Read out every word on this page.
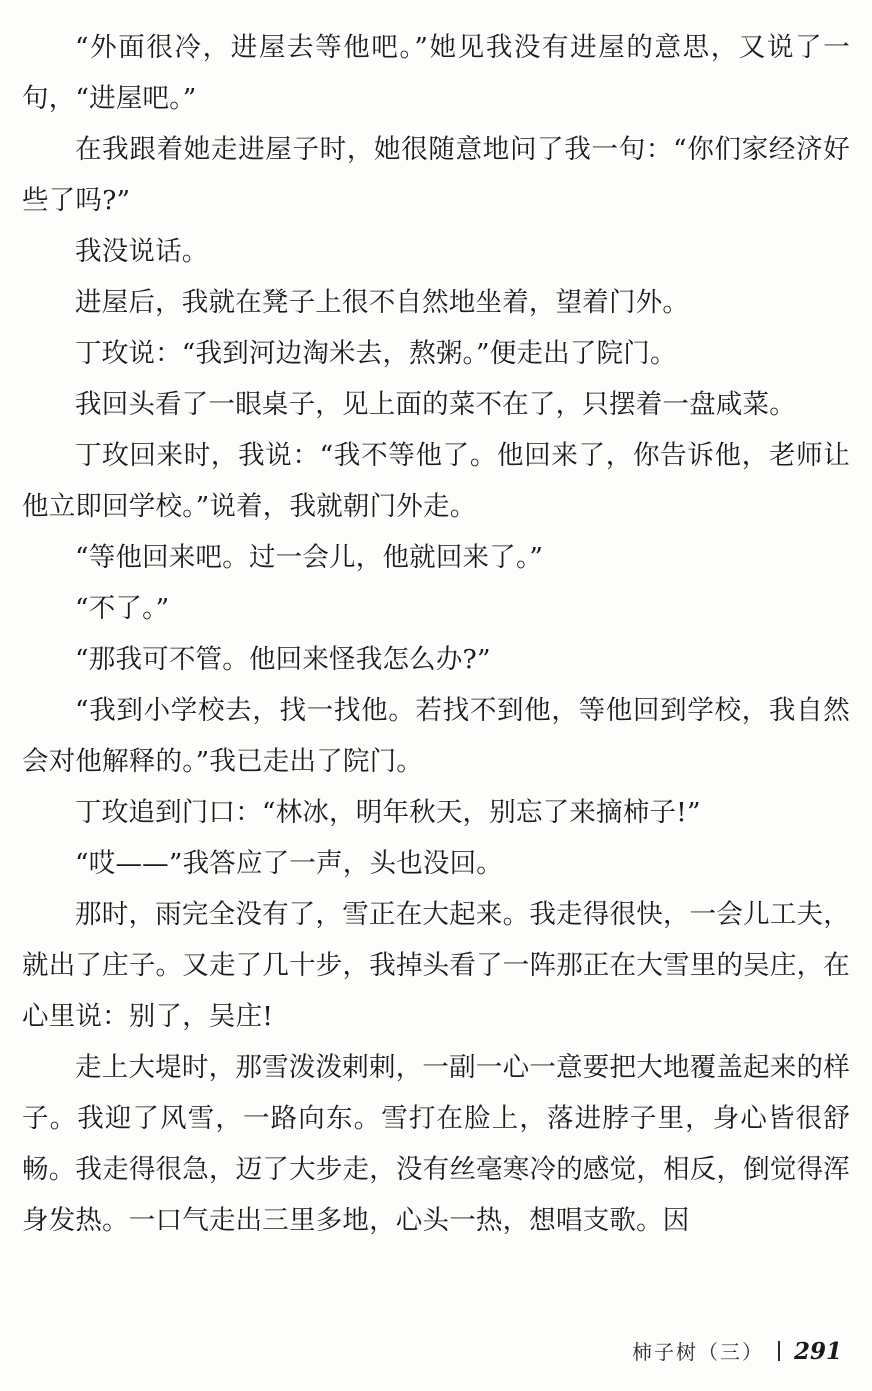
“外面很冷，进屋去等他吧。”她见我没有进屋的意思，又说了一句，“进屋吧。”

在我跟着她走进屋子时，她很随意地问了我一句：“你们家经济好些了吗?”

我没说话。

进屋后，我就在凳子上很不自然地坐着，望着门外。

丁玫说：“我到河边淘米去，熬粥。”便走出了院门。

我回头看了一眼桌子，见上面的菜不在了，只摆着一盘咸菜。

丁玫回来时，我说：“我不等他了。他回来了，你告诉他，老师让他立即回学校。”说着，我就朝门外走。

“等他回来吧。过一会儿，他就回来了。”

“不了。”

“那我可不管。他回来怪我怎么办?”

“我到小学校去，找一找他。若找不到他，等他回到学校，我自然会对他解释的。”我已走出了院门。

丁玫追到门口：“林冰，明年秋天，别忘了来摘柿子!”

“哎——”我答应了一声，头也没回。

那时，雨完全没有了，雪正在大起来。我走得很快，一会儿工夫，就出了庄子。又走了几十步，我掉头看了一阵那正在大雪里的吴庄，在心里说：别了，吴庄!

走上大堤时，那雪泼泼剌剌，一副一心一意要把大地覆盖起来的样子。我迎了风雪，一路向东。雪打在脸上，落进脖子里，身心皆很舒畅。我走得很急，迈了大步走，没有丝毫寒冷的感觉，相反，倒觉得浑身发热。一口气走出三里多地，心头一热，想唱支歌。因

柿子树（三） 291
